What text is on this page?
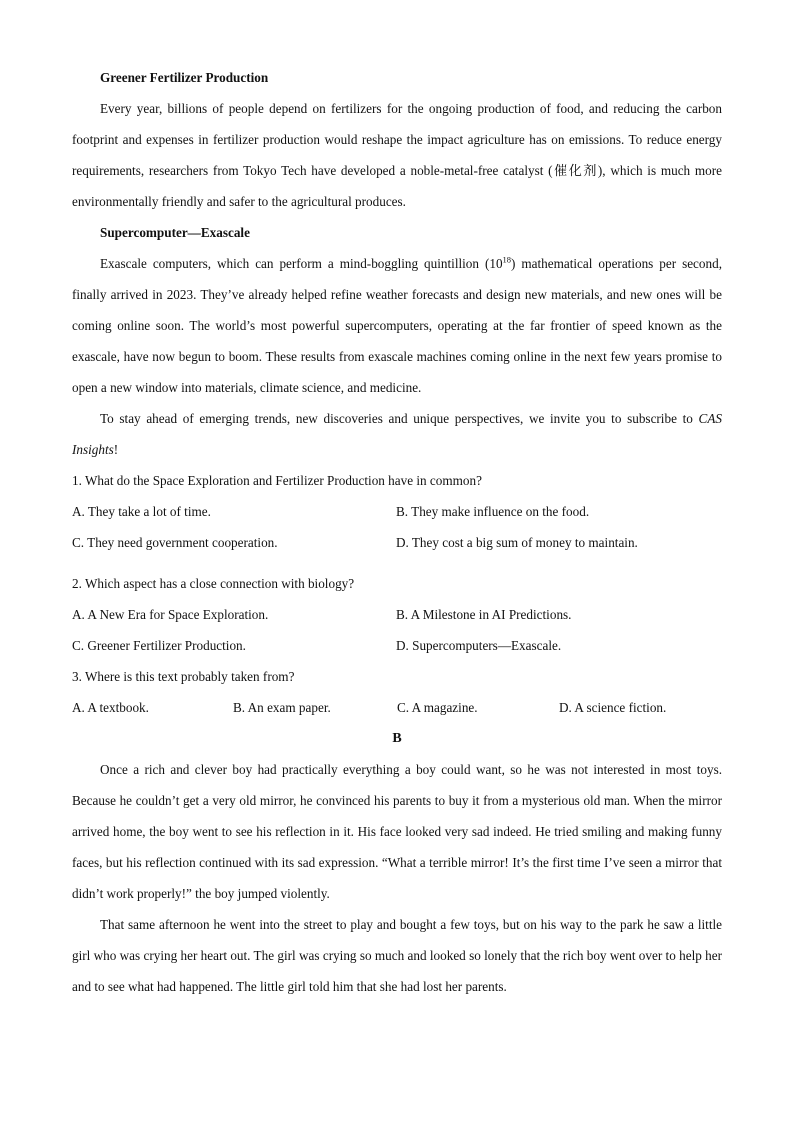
Greener Fertilizer Production

Every year, billions of people depend on fertilizers for the ongoing production of food, and reducing the carbon footprint and expenses in fertilizer production would reshape the impact agriculture has on emissions. To reduce energy requirements, researchers from Tokyo Tech have developed a noble-metal-free catalyst (催化剂), which is much more environmentally friendly and safer to the agricultural produces.

Supercomputer—Exascale

Exascale computers, which can perform a mind-boggling quintillion $(10^{18})$ mathematical operations per second, finally arrived in 2023. They’ve already helped refine weather forecasts and design new materials, and new ones will be coming online soon. The world’s most powerful supercomputers, operating at the far frontier of speed known as the exascale, have now begun to boom. These results from exascale machines coming online in the next few years promise to open a new window into materials, climate science, and medicine.

To stay ahead of emerging trends, new discoveries and unique perspectives, we invite you to subscribe to CAS Insights!

1. What do the Space Exploration and Fertilizer Production have in common?
A. They take a lot of time.	B. They make influence on the food.
C. They need government cooperation.	D. They cost a big sum of money to maintain.
2. Which aspect has a close connection with biology?
A. A New Era for Space Exploration.	B. A Milestone in AI Predictions.
C. Greener Fertilizer Production.	D. Supercomputers—Exascale.
3. Where is this text probably taken from?
A. A textbook.	B. An exam paper.	C. A magazine.	D. A science fiction.
B

Once a rich and clever boy had practically everything a boy could want, so he was not interested in most toys. Because he couldn’t get a very old mirror, he convinced his parents to buy it from a mysterious old man. When the mirror arrived home, the boy went to see his reflection in it. His face looked very sad indeed. He tried smiling and making funny faces, but his reflection continued with its sad expression. “What a terrible mirror! It’s the first time I’ve seen a mirror that didn’t work properly!” the boy jumped violently.

That same afternoon he went into the street to play and bought a few toys, but on his way to the park he saw a little girl who was crying her heart out. The girl was crying so much and looked so lonely that the rich boy went over to help her and to see what had happened. The little girl told him that she had lost her parents.
